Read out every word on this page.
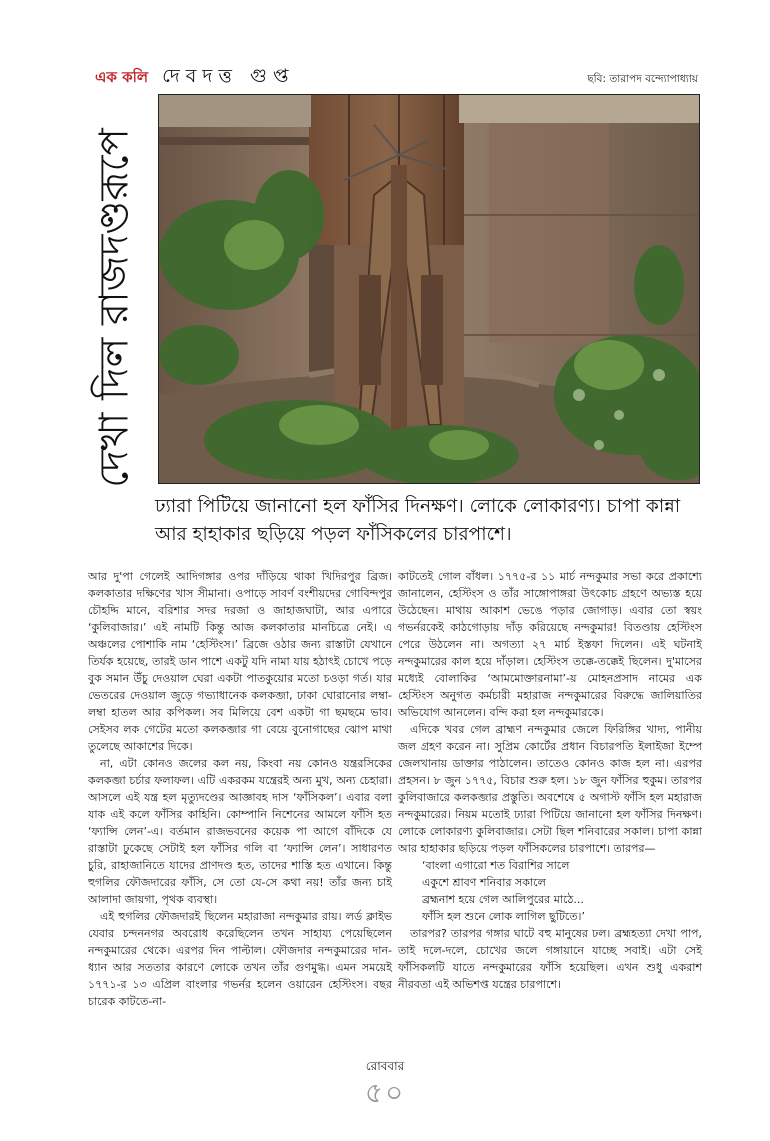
এক কলি দেবদত্ত গুপ্ত	ছবি: তারাপদ বন্দ্যোপাধ্যায়
দেখা দিল রাজদণ্ডরূপে
ঢ্যারা পিটিয়ে জানানো হল ফাঁসির দিনক্ষণ। লোকে লোকারণ্য। চাপা কান্না আর হাহাকার ছড়িয়ে পড়ল ফাঁসিকলের চারপাশে।

আর দু'পা গেলেই আদিগঙ্গার ওপর দাঁড়িয়ে থাকা খিদিরপুর ব্রিজ। কলকাতার দক্ষিণের খাস সীমানা। ওপাড়ে সাবর্ণ বংশীয়দের গোবিন্দপুর চৌহদ্দি মানে, বরিশার সদর দরজা ও জাহাজঘাটা, আর এপারে ‘কুলিবাজার।’ এই নামটি কিন্তু আজ কলকাতার মানচিত্রে নেই। এ অঞ্চলের পোশাকি নাম ‘হেস্টিংস।’ ব্রিজে ওঠার জন্য রাস্তাটা যেখানে তির্যক হয়েছে, তারই ডান পাশে একটু যদি নামা যায় হঠাৎই চোখে পড়ে বুক সমান উঁচু দেওয়াল ঘেরা একটা পাতকুয়োর মতো চওড়া গর্ত। যার ভেতরের দেওয়াল জুড়ে গভ্যাধানেক কলকব্জা, ঢাকা ঘোরানোর লম্বা-লম্বা হাতল আর কপিকল। সব মিলিয়ে বেশ একটা গা ছমছমে ভাব। সেইসব লক গেটের মতো কলকব্জার গা বেয়ে বুনোগাছের ঝোপ মাথা তুলেছে আকাশের দিকে।

না, এটা কোনও জলের কল নয়, কিংবা নয় কোনও যন্ত্ররসিকের কলকব্জা চর্চার ফলাফল। এটি একরকম যন্ত্রেরই অন্য মুখ, অন্য চেহারা। আসলে এই যন্ত্র হল মৃত্যুদণ্ডের আজ্ঞাবহ দাস ‘ফাঁসিকল’। এবার বলা যাক এই কলে ফাঁসির কাহিনি। কোম্পানি নিশেনের আমলে ফাঁসি হত ‘ফ্যান্সি লেন’-এ। বর্তমান রাজভবনের কয়েক পা আগে বাঁদিকে যে রাস্তাটা ঢুকেছে সেটাই হল ফাঁসির গলি বা ‘ফ্যান্সি লেন’। সাধারণত চুরি, রাহাজানিতে যাদের প্রাণদণ্ড হত, তাদের শাস্তি হত এখানে। কিন্তু হুগলির ফৌজদারের ফাঁসি, সে তো যে-সে কথা নয়! তাঁর জন্য চাই আলাদা জায়গা, পৃথক ব্যবস্থা।

এই হুগলির ফৌজদারই ছিলেন মহারাজা নন্দকুমার রায়। লর্ড ক্লাইভ যেবার চন্দননগর অবরোধ করেছিলেন তখন সাহায্য পেয়েছিলেন নন্দকুমারের থেকে। এরপর দিন পাল্টাল। ফৌজদার নন্দকুমারের দান-ধ্যান আর সততার কারণে লোকে তখন তাঁর গুণমুগ্ধ। এমন সময়েই ১৭৭১-র ১৩ এপ্রিল বাংলার গভর্নর হলেন ওয়ারেন হেস্টিংস। বছর চারেক কাটতে-না-

কাটতেই গোল বাঁধল। ১৭৭৫-র ১১ মার্চ নন্দকুমার সভা করে প্রকাশ্যে জানালেন, হেস্টিংস ও তাঁর সাঙ্গোপাঙ্গরা উৎকোচ গ্রহণে অভ্যস্ত হয়ে উঠেছেন। মাথায় আকাশ ভেঙে পড়ার জোগাড়। এবার তো স্বয়ং গভর্নরকেই কাঠগোড়ায় দাঁড় করিয়েছে নন্দকুমার! বিতণ্ডায় হেস্টিংস পেরে উঠলেন না। অগত্যা ২৭ মার্চ ইস্তফা দিলেন। এই ঘটনাই নন্দকুমারের কাল হয়ে দাঁড়াল। হেস্টিংস তক্কে-তক্কেই ছিলেন। দু'মাসের মধ্যেই বোলাকির ‘আমমোক্তারনামা’-য় মোহনপ্রসাদ নামের এক হেস্টিংস অনুগত কর্মচারী মহারাজ নন্দকুমারের বিরুদ্ধে জালিয়াতির অভিযোগ আনলেন। বন্দি করা হল নন্দকুমারকে।

এদিকে খবর গেল ব্রাহ্মণ নন্দকুমার জেলে ফিরিঙ্গির খাদ্য, পানীয় জল গ্রহণ করেন না। সুপ্রিম কোর্টের প্রধান বিচারপতি ইলাইজা ইম্পে জেলখানায় ডাক্তার পাঠালেন। তাতেও কোনও কাজ হল না। এরপর প্রহসন। ৮ জুন ১৭৭৫, বিচার শুরু হল। ১৮ জুন ফাঁসির হুকুম। তারপর কুলিবাজারে কলকব্জার প্রস্তুতি। অবশেষে ৫ অগাস্ট ফাঁসি হল মহারাজ নন্দকুমারের। নিয়ম মতোই ঢ্যারা পিটিয়ে জানানো হল ফাঁসির দিনক্ষণ। লোকে লোকারণ্য কুলিবাজার। সেটা ছিল শনিবারের সকাল। চাপা কান্না আর হাহাকার ছড়িয়ে পড়ল ফাঁসিকলের চারপাশে। তারপর—

‘বাংলা এগারো শত বিরাশির সালে

একুশে শ্রাবণ শনিবার সকালে

ব্রহ্মনাশ হয়ে গেল আলিপুরের মাঠে...

ফাঁসি হল শুনে লোক লাগিল ছুটিতে।’

তারপর? তারপর গঙ্গার ঘাটে বহু মানুষের ঢল। ব্রহ্মহত্যা দেখা পাপ, তাই দলে-দলে, চোখের জলে গঙ্গায়ানে যাচ্ছে সবাই। এটা সেই ফাঁসিকলটি যাতে নন্দকুমারের ফাঁসি হয়েছিল। এখন শুধু একরাশ নীরবতা এই অভিশপ্ত যন্ত্রের চারপাশে।

রোববার
৫০
